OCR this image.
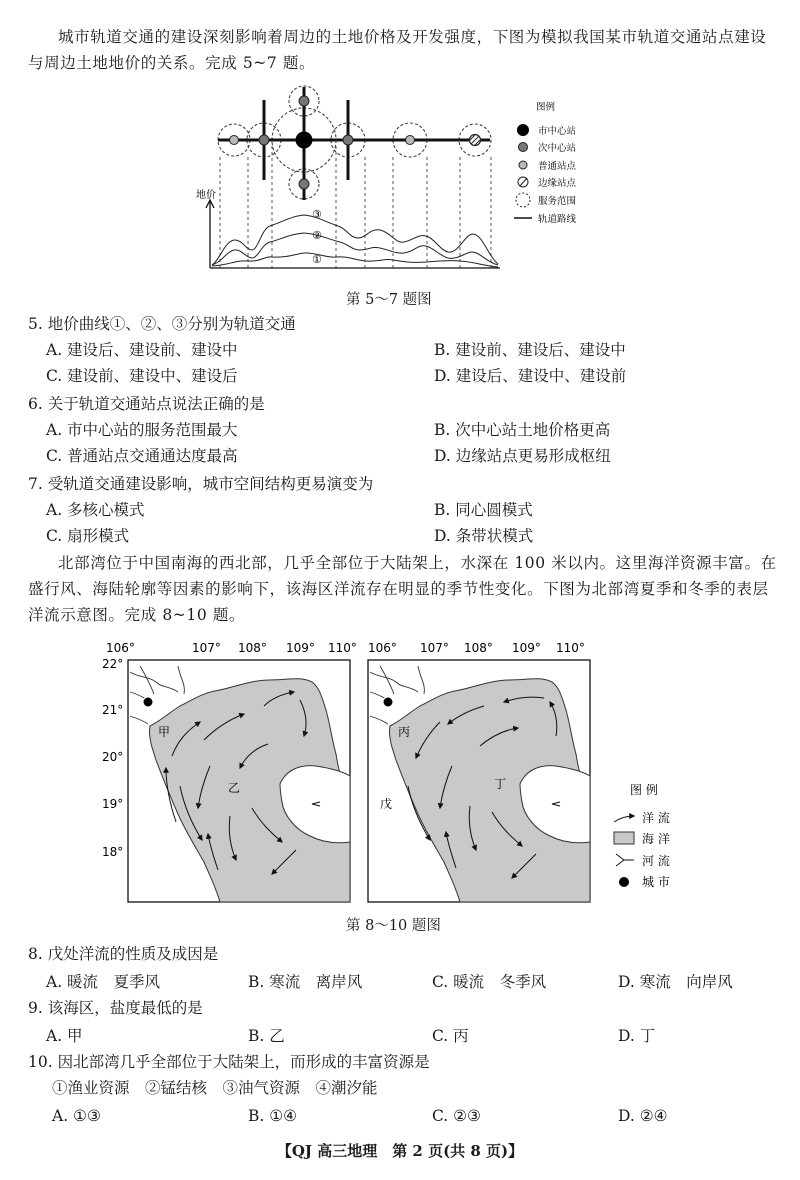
城市轨道交通的建设深刻影响着周边的土地价格及开发强度，下图为模拟我国某市轨道交通站点建设与周边土地地价的关系。完成 5~7 题。
地价
③
②
①
图例
市中心站
次中心站
普通站点
边缘站点
服务范围
轨道路线
第 5～7 题图
5. 地价曲线①、②、③分别为轨道交通
A. 建设后、建设前、建设中	B. 建设前、建设后、建设中
C. 建设前、建设中、建设后	D. 建设后、建设中、建设前
6. 关于轨道交通站点说法正确的是
A. 市中心站的服务范围最大	B. 次中心站土地价格更高
C. 普通站点交通通达度最高	D. 边缘站点更易形成枢纽
7. 受轨道交通建设影响，城市空间结构更易演变为
A. 多核心模式	B. 同心圆模式
C. 扇形模式	D. 条带状模式
北部湾位于中国南海的西北部，几乎全部位于大陆架上，水深在 100 米以内。这里海洋资源丰富。在盛行风、海陆轮廓等因素的影响下，该海区洋流存在明显的季节性变化。下图为北部湾夏季和冬季的表层洋流示意图。完成 8~10 题。
106°	107° 108° 109° 110° 106° 107° 108° 109° 110°
22°
21°
20°
19°
18°
甲
乙
丙
丁
戊
图 例
洋 流
海 洋
河 流
城 市
第 8～10 题图
8. 戊处洋流的性质及成因是
A. 暖流　夏季风	B. 寒流　离岸风	C. 暖流　冬季风	D. 寒流　向岸风
9. 该海区，盐度最低的是
A. 甲	B. 乙	C. 丙	D. 丁
10. 因北部湾几乎全部位于大陆架上，而形成的丰富资源是
①渔业资源　②锰结核　③油气资源　④潮汐能
A. ①③	B. ①④	C. ②③	D. ②④
【QJ 高三地理　第 2 页(共 8 页)】
